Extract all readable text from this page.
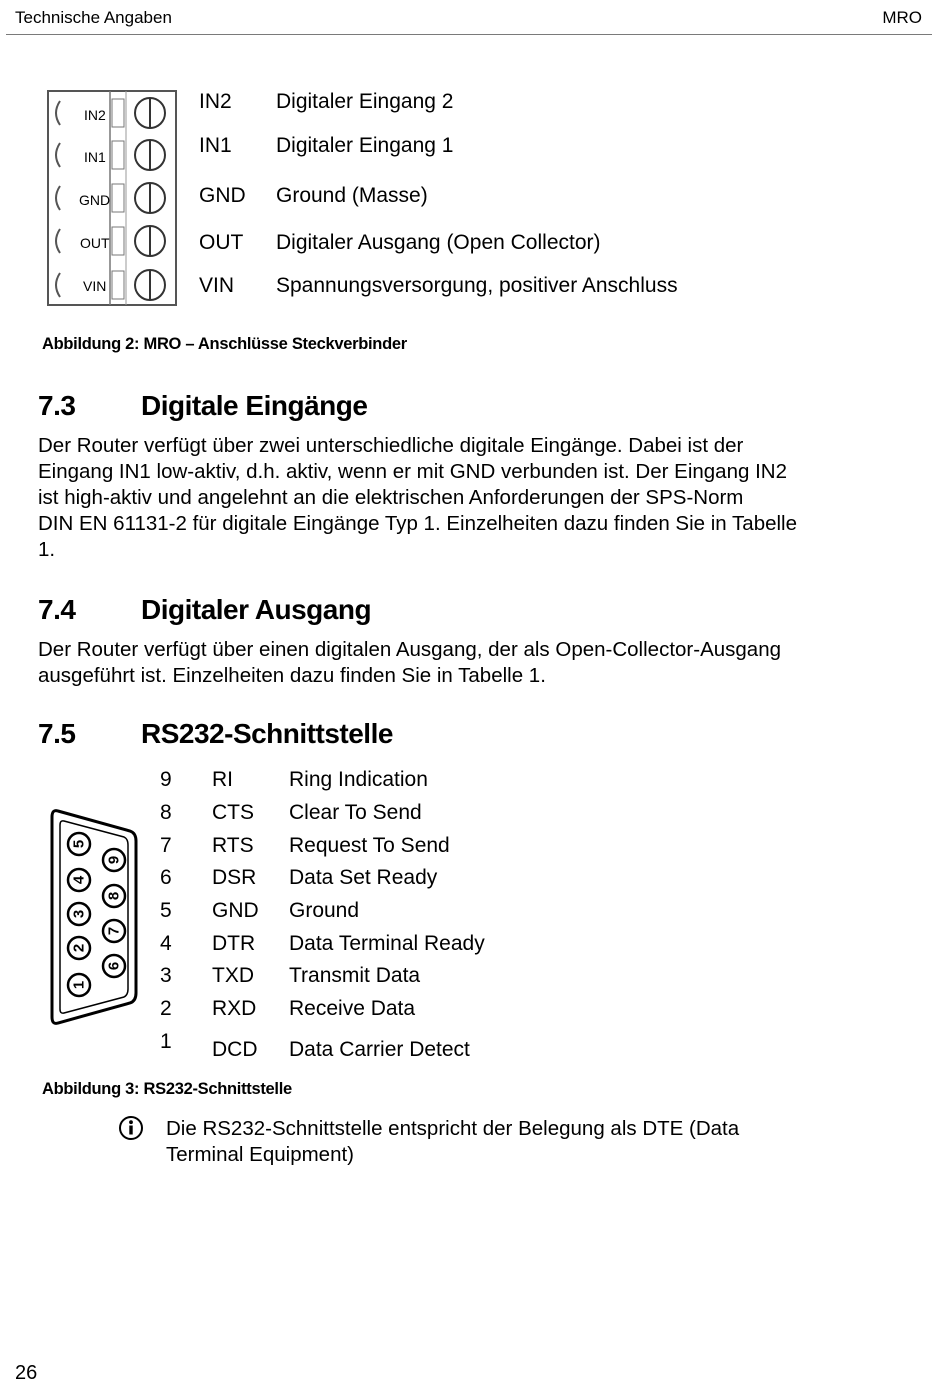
Technische Angaben	MRO
IN2
IN1
GND
OUT
VIN
IN2 Digitaler Eingang 2
IN1 Digitaler Eingang 1
GND Ground (Masse)
OUT Digitaler Ausgang (Open Collector)
VIN Spannungsversorgung, positiver Anschluss
Abbildung 2: MRO – Anschlüsse Steckverbinder
7.3 Digitale Eingänge
Der Router verfügt über zwei unterschiedliche digitale Eingänge. Dabei ist der
Eingang IN1 low-aktiv, d.h. aktiv, wenn er mit GND verbunden ist. Der Eingang IN2
ist high-aktiv und angelehnt an die elektrischen Anforderungen der SPS-Norm
DIN EN 61131-2 für digitale Eingänge Typ 1. Einzelheiten dazu finden Sie in Tabelle
1.
7.4 Digitaler Ausgang
Der Router verfügt über einen digitalen Ausgang, der als Open-Collector-Ausgang
ausgeführt ist. Einzelheiten dazu finden Sie in Tabelle 1.
7.5 RS232-Schnittstelle
1
2
3
4
5
6
7
8
9
9 RI	Ring Indication
8 CTS Clear To Send
7 RTS Request To Send
6 DSR Data Set Ready
5 GND Ground
4 DTR Data Terminal Ready
3 TXD Transmit Data
2 RXD Receive Data
1 DCD Data Carrier Detect
Abbildung 3: RS232-Schnittstelle
Die RS232-Schnittstelle entspricht der Belegung als DTE (Data
Terminal Equipment)
26
